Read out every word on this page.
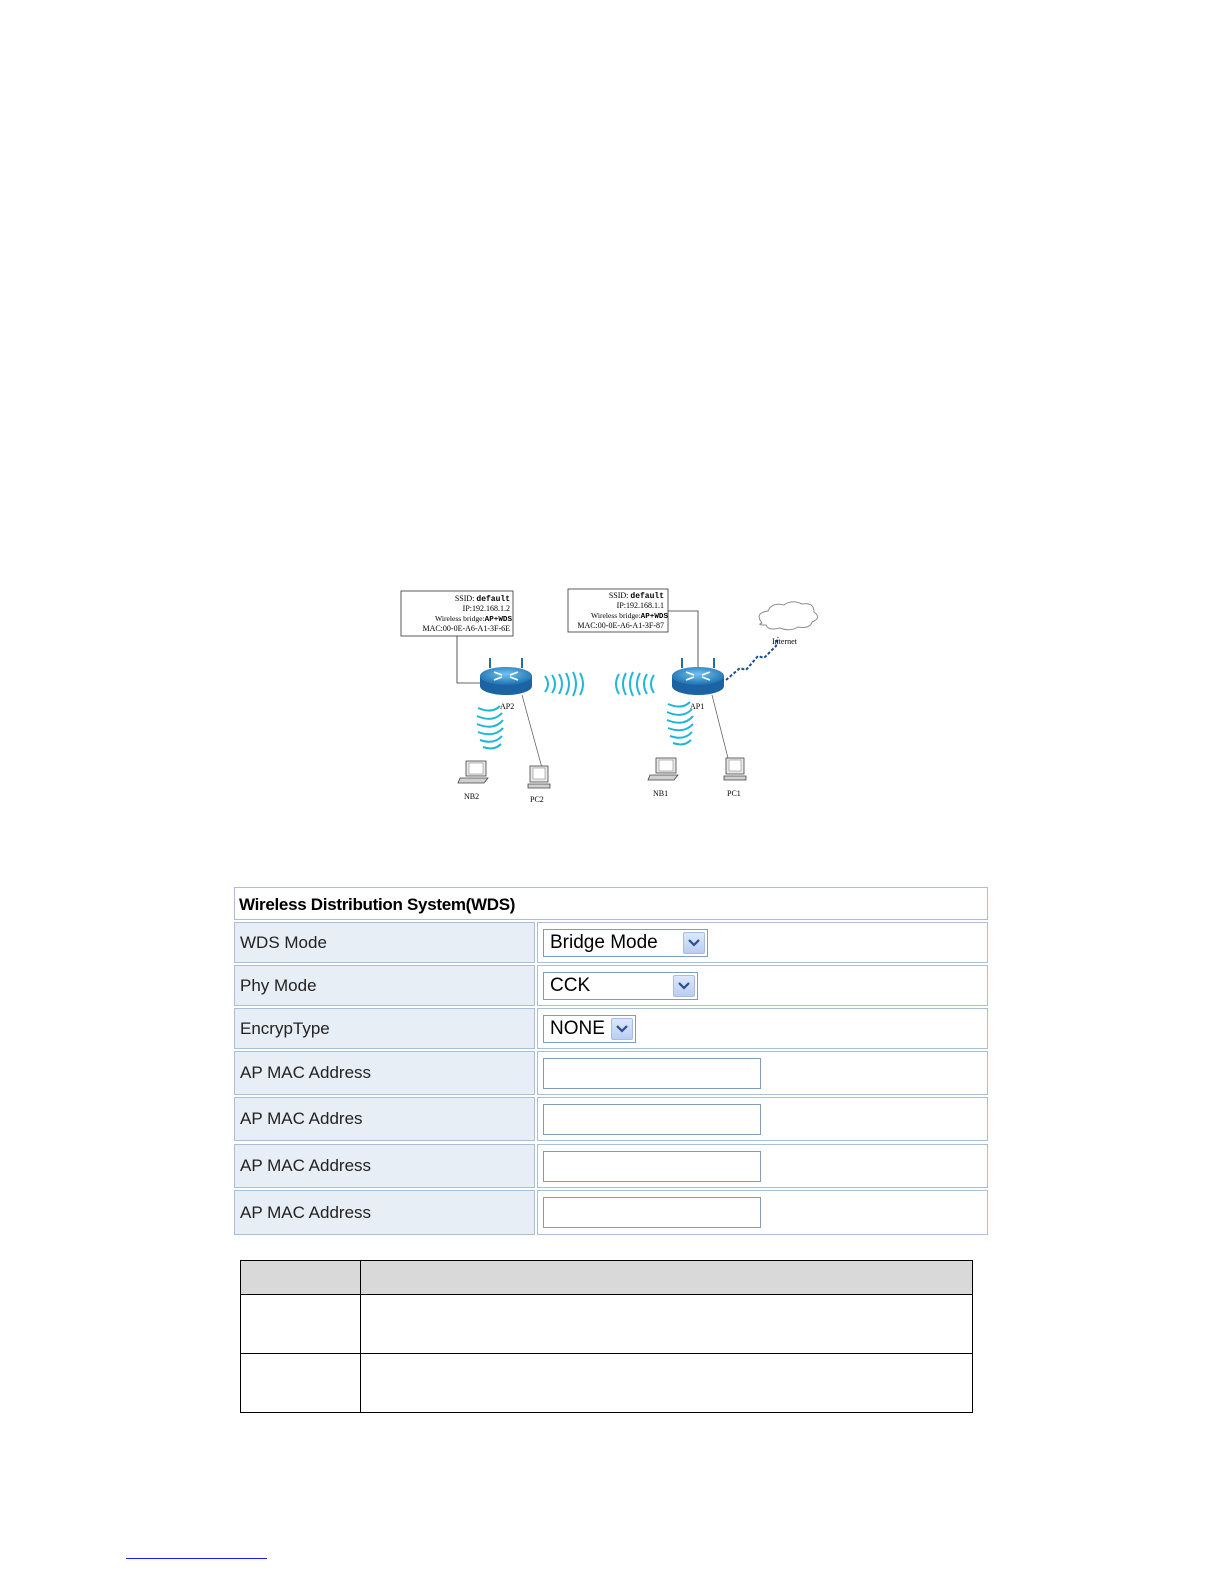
SSID: default
IP:192.168.1.2
Wireless bridge:AP+WDS
MAC:00-0E-A6-A1-3F-6E
SSID: default
IP:192.168.1.1
Wireless bridge:AP+WDS
MAC:00-0E-A6-A1-3F-87
Internet
AP2	AP1
NB2	PC2
NB1	PC1
Wireless Distribution System(WDS)
WDS Mode	Bridge Mode
Phy Mode	CCK
EncrypType	NONE
AP MAC Address
AP MAC Addres
AP MAC Address
AP MAC Address
